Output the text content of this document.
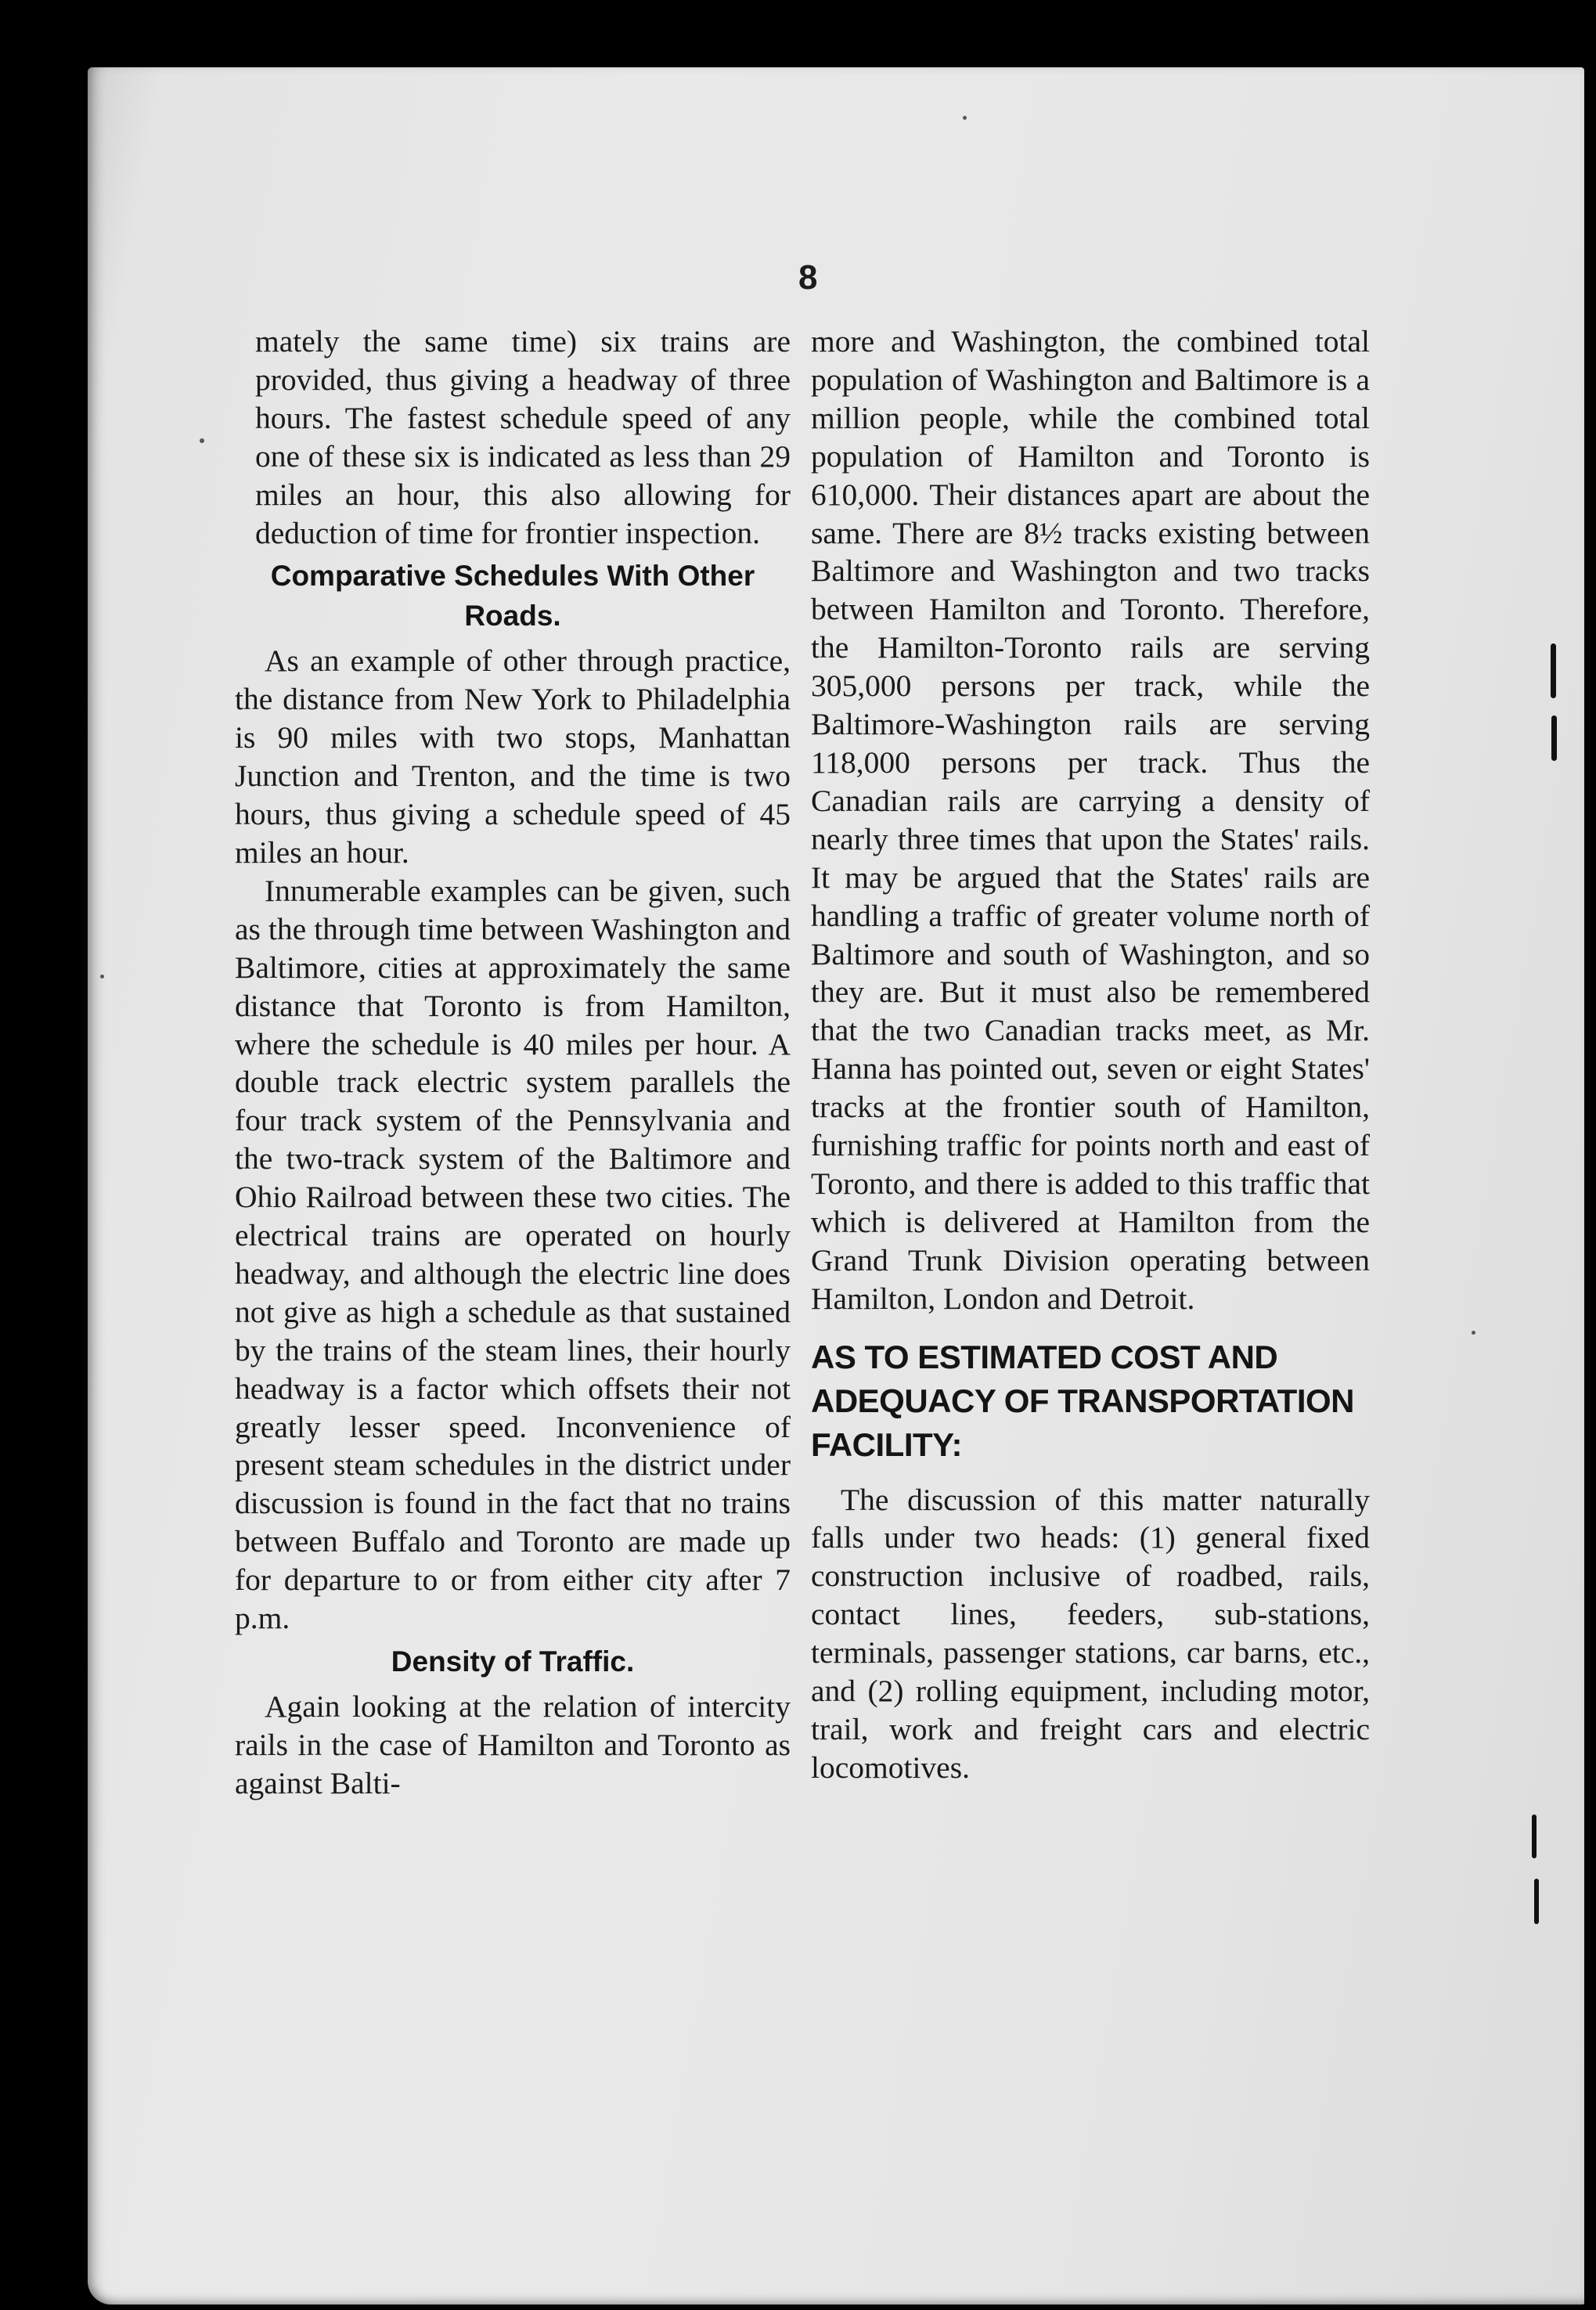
8

mately the same time) six trains are provided, thus giving a headway of three hours. The fastest schedule speed of any one of these six is indicated as less than 29 miles an hour, this also allowing for deduction of time for frontier inspection.

Comparative Schedules With Other Roads.

As an example of other through practice, the distance from New York to Philadelphia is 90 miles with two stops, Manhattan Junction and Trenton, and the time is two hours, thus giving a schedule speed of 45 miles an hour.

Innumerable examples can be given, such as the through time between Washington and Baltimore, cities at approximately the same distance that Toronto is from Hamilton, where the schedule is 40 miles per hour. A double track electric system parallels the four track system of the Pennsylvania and the two-track system of the Baltimore and Ohio Railroad between these two cities. The electrical trains are operated on hourly headway, and although the electric line does not give as high a schedule as that sustained by the trains of the steam lines, their hourly headway is a factor which offsets their not greatly lesser speed. Inconvenience of present steam schedules in the district under discussion is found in the fact that no trains between Buffalo and Toronto are made up for departure to or from either city after 7 p.m.

Density of Traffic.

Again looking at the relation of intercity rails in the case of Hamilton and Toronto as against Balti-

more and Washington, the combined total population of Washington and Baltimore is a million people, while the combined total population of Hamilton and Toronto is 610,000. Their distances apart are about the same. There are 8½ tracks existing between Baltimore and Washington and two tracks between Hamilton and Toronto. Therefore, the Hamilton-Toronto rails are serving 305,000 persons per track, while the Baltimore-Washington rails are serving 118,000 persons per track. Thus the Canadian rails are carrying a density of nearly three times that upon the States' rails. It may be argued that the States' rails are handling a traffic of greater volume north of Baltimore and south of Washington, and so they are. But it must also be remembered that the two Canadian tracks meet, as Mr. Hanna has pointed out, seven or eight States' tracks at the frontier south of Hamilton, furnishing traffic for points north and east of Toronto, and there is added to this traffic that which is delivered at Hamilton from the Grand Trunk Division operating between Hamilton, London and Detroit.

AS TO ESTIMATED COST AND ADEQUACY OF TRANSPORTATION FACILITY:

The discussion of this matter naturally falls under two heads: (1) general fixed construction inclusive of roadbed, rails, contact lines, feeders, sub-stations, terminals, passenger stations, car barns, etc., and (2) rolling equipment, including motor, trail, work and freight cars and electric locomotives.
